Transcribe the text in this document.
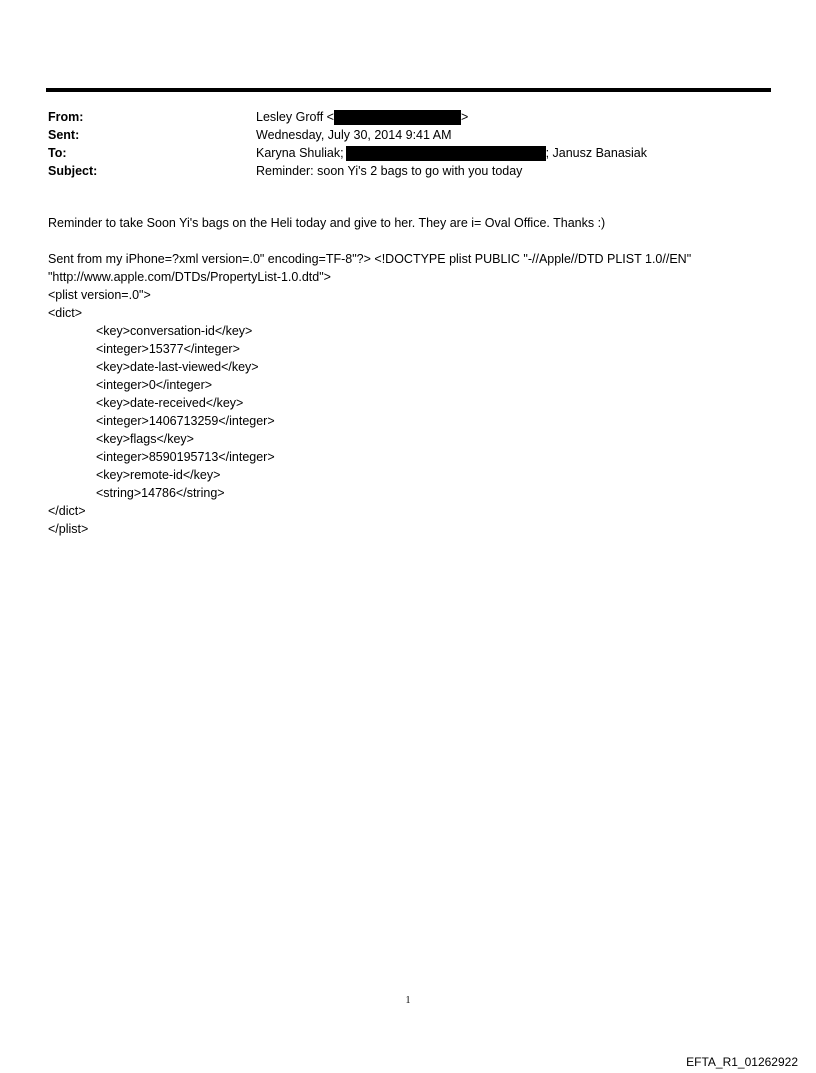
From:	Lesley Groff <	>
Sent:	Wednesday, July 30, 2014 9:41 AM
To:	Karyna Shuliak;	; Janusz Banasiak
Subject:	Reminder: soon Yi's 2 bags to go with you today

Reminder to take Soon Yi's bags on the Heli today and give to her. They are i= Oval Office. Thanks :)

Sent from my iPhone=?xml version=.0" encoding=TF-8"?> <!DOCTYPE plist PUBLIC "-//Apple//DTD PLIST 1.0//EN"

"http://www.apple.com/DTDs/PropertyList-1.0.dtd">

<plist version=.0">

<dict>

<key>conversation-id</key>

<integer>15377</integer>

<key>date-last-viewed</key>

<integer>0</integer>

<key>date-received</key>

<integer>1406713259</integer>

<key>flags</key>

<integer>8590195713</integer>

<key>remote-id</key>

<string>14786</string>

</dict>

</plist>

1
EFTA_R1_01262922
